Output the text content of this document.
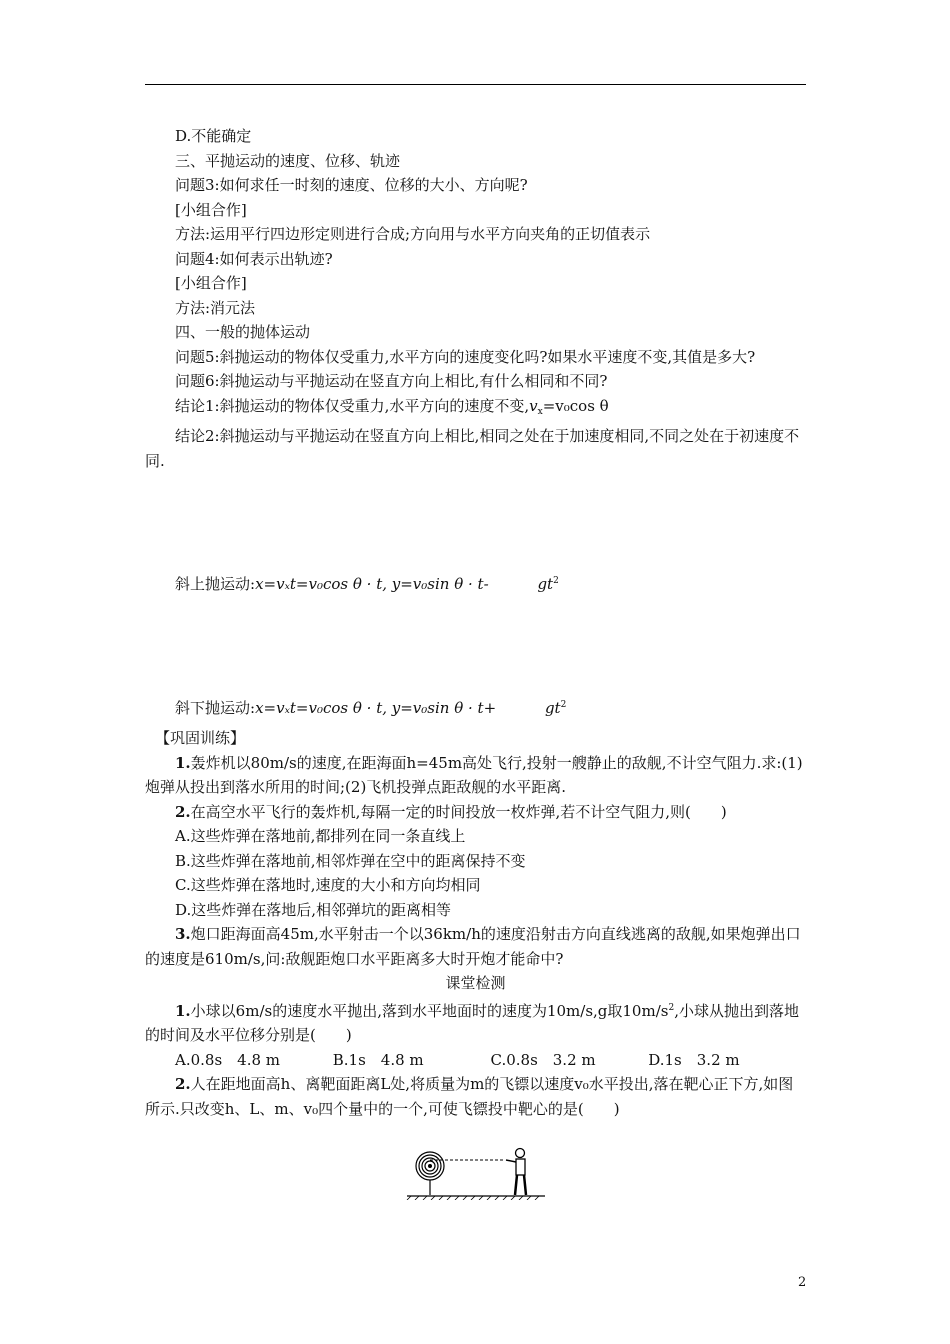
D.不能确定

三、平抛运动的速度、位移、轨迹

问题3:如何求任一时刻的速度、位移的大小、方向呢?

[小组合作]

方法:运用平行四边形定则进行合成;方向用与水平方向夹角的正切值表示

问题4:如何表示出轨迹?

[小组合作]

方法:消元法

四、一般的抛体运动

问题5:斜抛运动的物体仅受重力,水平方向的速度变化吗?如果水平速度不变,其值是多大?

问题6:斜抛运动与平抛运动在竖直方向上相比,有什么相同和不同?

结论1:斜抛运动的物体仅受重力,水平方向的速度不变$,v_x=v_0\cos$ θ

结论2:斜抛运动与平抛运动在竖直方向上相比,相同之处在于加速度相同,不同之处在于初速度不同.

斜上抛运动:x=vₓt=v₀cos θ · t, y=v₀sin θ · t-	$gt^2$

斜下抛运动:x=vₓt=v₀cos θ · t, y=v₀sin θ · t+	$gt^2$

【巩固训练】

1.轰炸机以80m/s的速度,在距海面h=45m高处飞行,投射一艘静止的敌舰,不计空气阻力.求:(1)炮弹从投出到落水所用的时间;(2)飞机投弹点距敌舰的水平距离.

2.在高空水平飞行的轰炸机,每隔一定的时间投放一枚炸弹,若不计空气阻力,则(　　)

A.这些炸弹在落地前,都排列在同一条直线上

B.这些炸弹在落地前,相邻炸弹在空中的距离保持不变

C.这些炸弹在落地时,速度的大小和方向均相同

D.这些炸弹在落地后,相邻弹坑的距离相等

3.炮口距海面高45m,水平射击一个以36km/h的速度沿射击方向直线逃离的敌舰,如果炮弹出口的速度是610m/s,问:敌舰距炮口水平距离多大时开炮才能命中?

课堂检测

1.小球以6m/s的速度水平抛出,落到水平地面时的速度为10m/s,g取$10m/s^2$,小球从抛出到落地的时间及水平位移分别是(　　)

A.0.8s　4.8 m	B.1s　4.8 m	C.0.8s　3.2 m	D.1s　3.2 m

2.人在距地面高h、离靶面距离L处,将质量为m的飞镖以速度v₀水平投出,落在靶心正下方,如图所示.只改变h、L、m、v₀四个量中的一个,可使飞镖投中靶心的是(　　)

2
